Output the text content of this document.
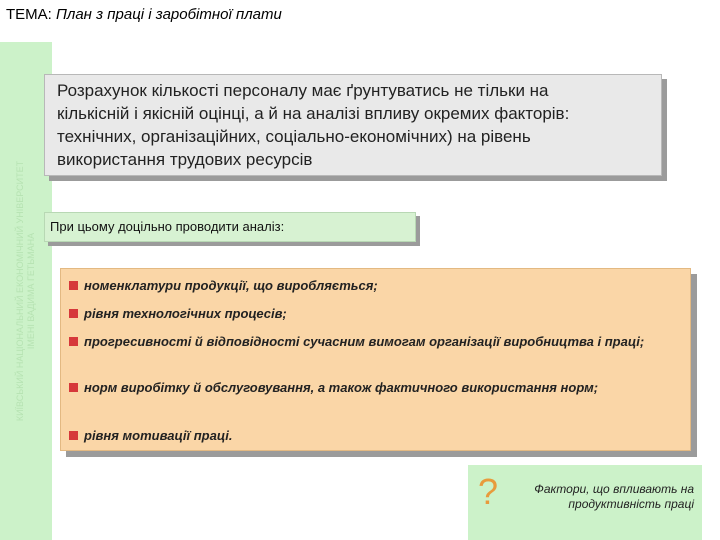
ТЕМА: План з праці і заробітної плати
КИЇВСЬКИЙ НАЦІОНАЛЬНИЙ ЕКОНОМІЧНИЙ УНІВЕРСИТЕТ ІМЕНІ ВАДИМА ГЕТЬМАНА
Розрахунок кількості персоналу має ґрунтуватись не тільки на
кількісній і якісній оцінці, а й на аналізі впливу окремих факторів:
технічних, організаційних, соціально-економічних) на рівень
використання трудових ресурсів
При цьому доцільно проводити аналіз:
номенклатури продукції, що виробляється;
рівня технологічних процесів;
прогресивності й відповідності сучасним вимогам організації виробництва і праці;
норм виробітку й обслуговування, а також фактичного використання норм;
рівня мотивації праці.
?	Фактори, що впливають на продуктивність праці
